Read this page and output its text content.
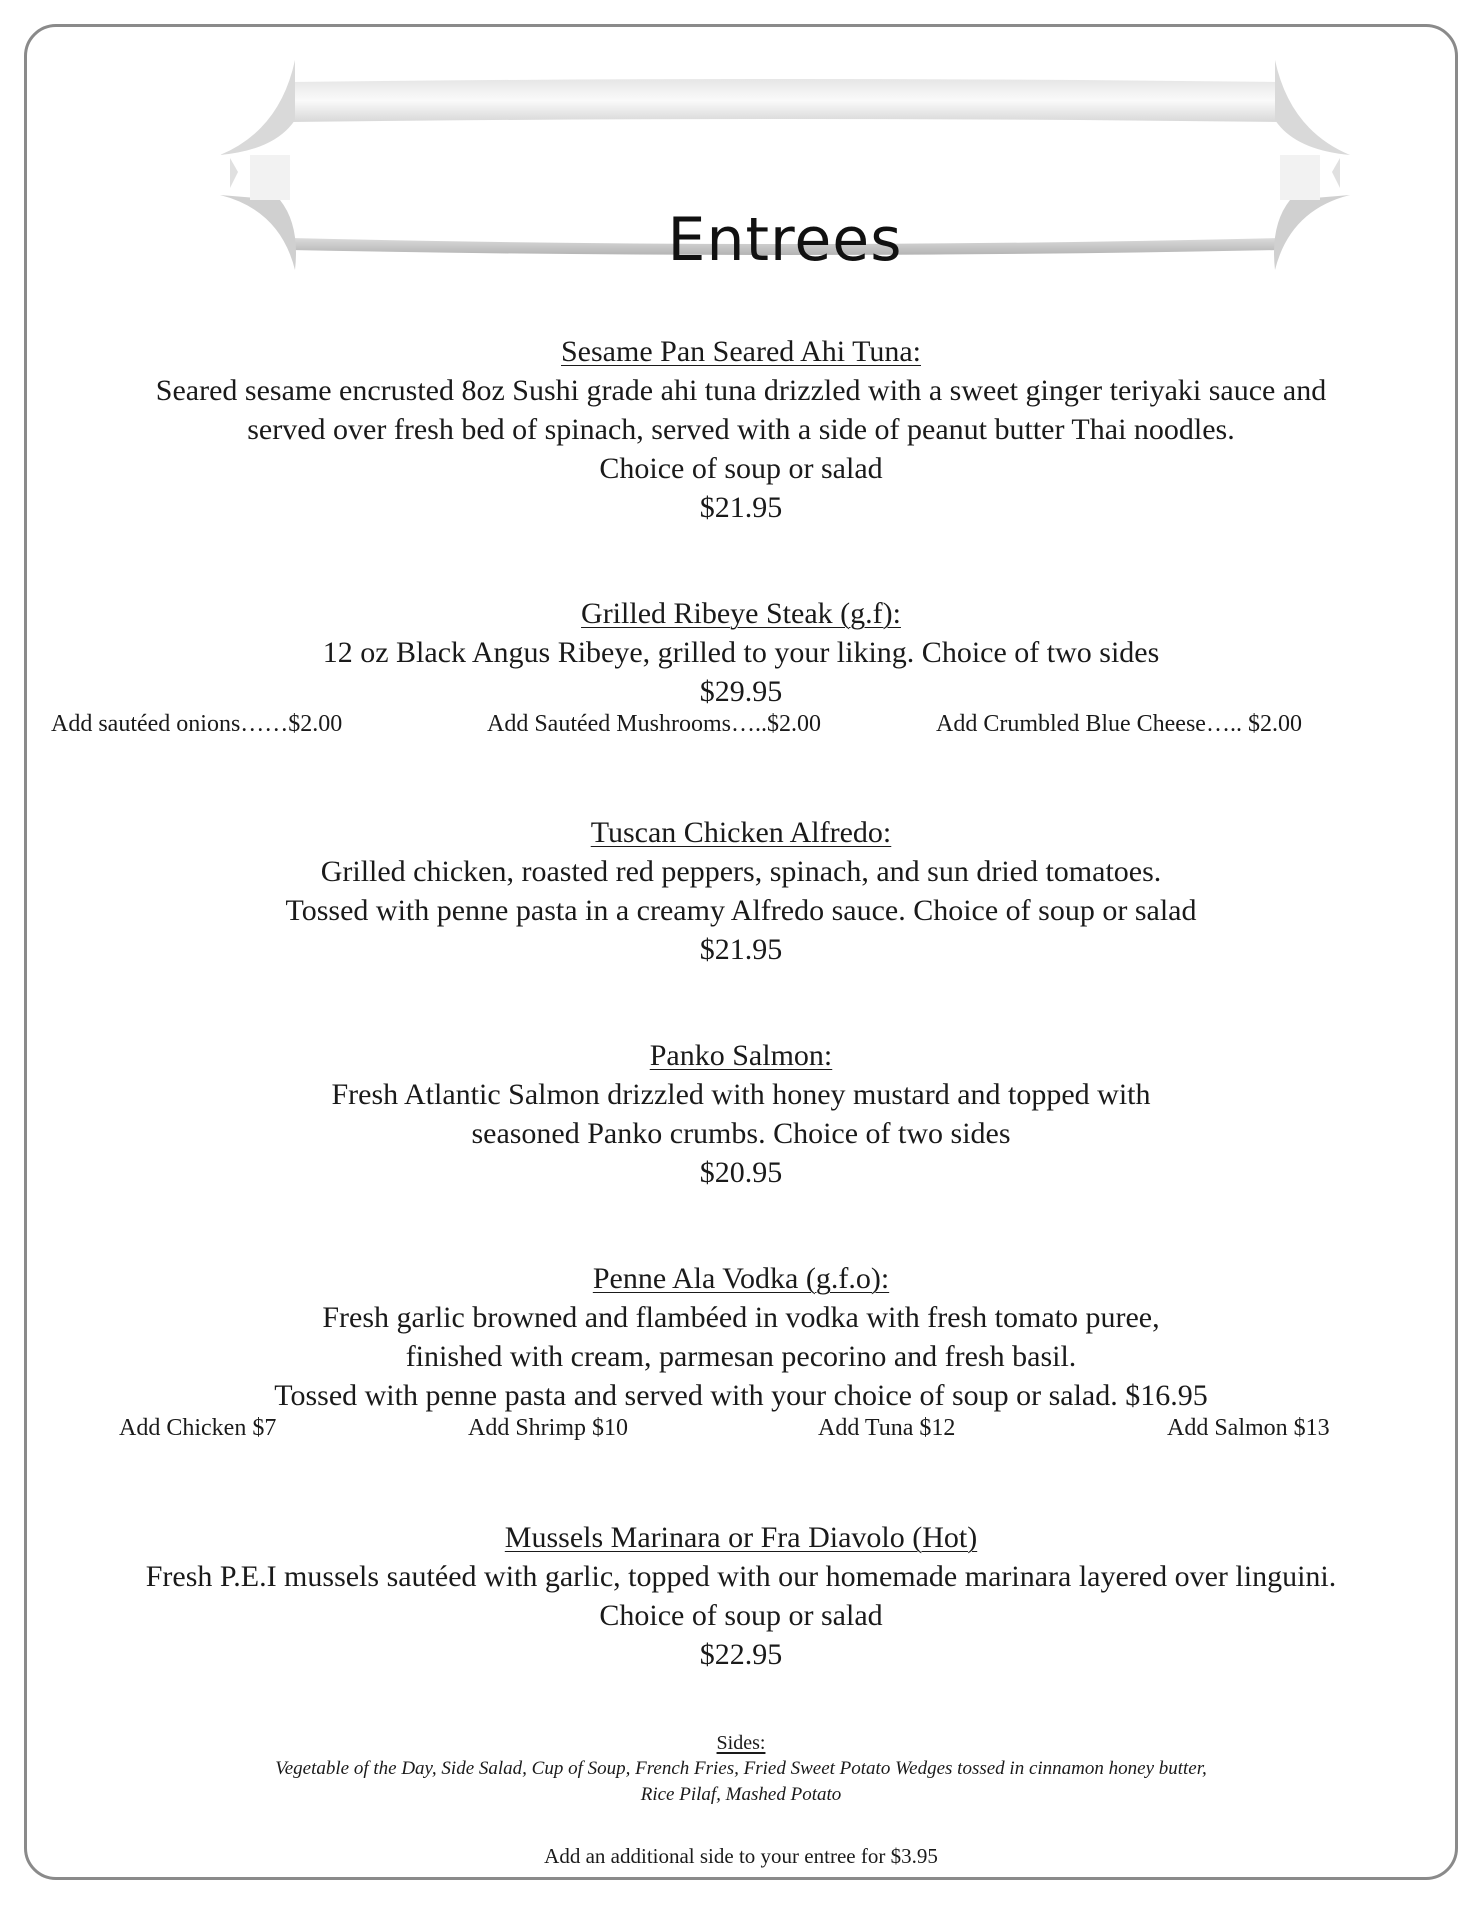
Entrees

Sesame Pan Seared Ahi Tuna:

Seared sesame encrusted 8oz Sushi grade ahi tuna drizzled with a sweet ginger teriyaki sauce and

served over fresh bed of spinach, served with a side of peanut butter Thai noodles.

Choice of soup or salad

$21.95

Grilled Ribeye Steak (g.f):

12 oz Black Angus Ribeye, grilled to your liking. Choice of two sides

$29.95

Add sautéed onions……$2.00	Add Sautéed Mushrooms…..$2.00	Add Crumbled Blue Cheese….. $2.00

Tuscan Chicken Alfredo:

Grilled chicken, roasted red peppers, spinach, and sun dried tomatoes.

Tossed with penne pasta in a creamy Alfredo sauce. Choice of soup or salad

$21.95

Panko Salmon:

Fresh Atlantic Salmon drizzled with honey mustard and topped with

seasoned Panko crumbs. Choice of two sides

$20.95

Penne Ala Vodka (g.f.o):

Fresh garlic browned and flambéed in vodka with fresh tomato puree,

finished with cream, parmesan pecorino and fresh basil.

Tossed with penne pasta and served with your choice of soup or salad. $16.95

Add Chicken $7	Add Shrimp $10	Add Tuna $12	Add Salmon $13

Mussels Marinara or Fra Diavolo (Hot)

Fresh P.E.I mussels sautéed with garlic, topped with our homemade marinara layered over linguini.

Choice of soup or salad

$22.95

Sides:
Vegetable of the Day, Side Salad, Cup of Soup, French Fries, Fried Sweet Potato Wedges tossed in cinnamon honey butter,
Rice Pilaf, Mashed Potato
Add an additional side to your entree for $3.95
